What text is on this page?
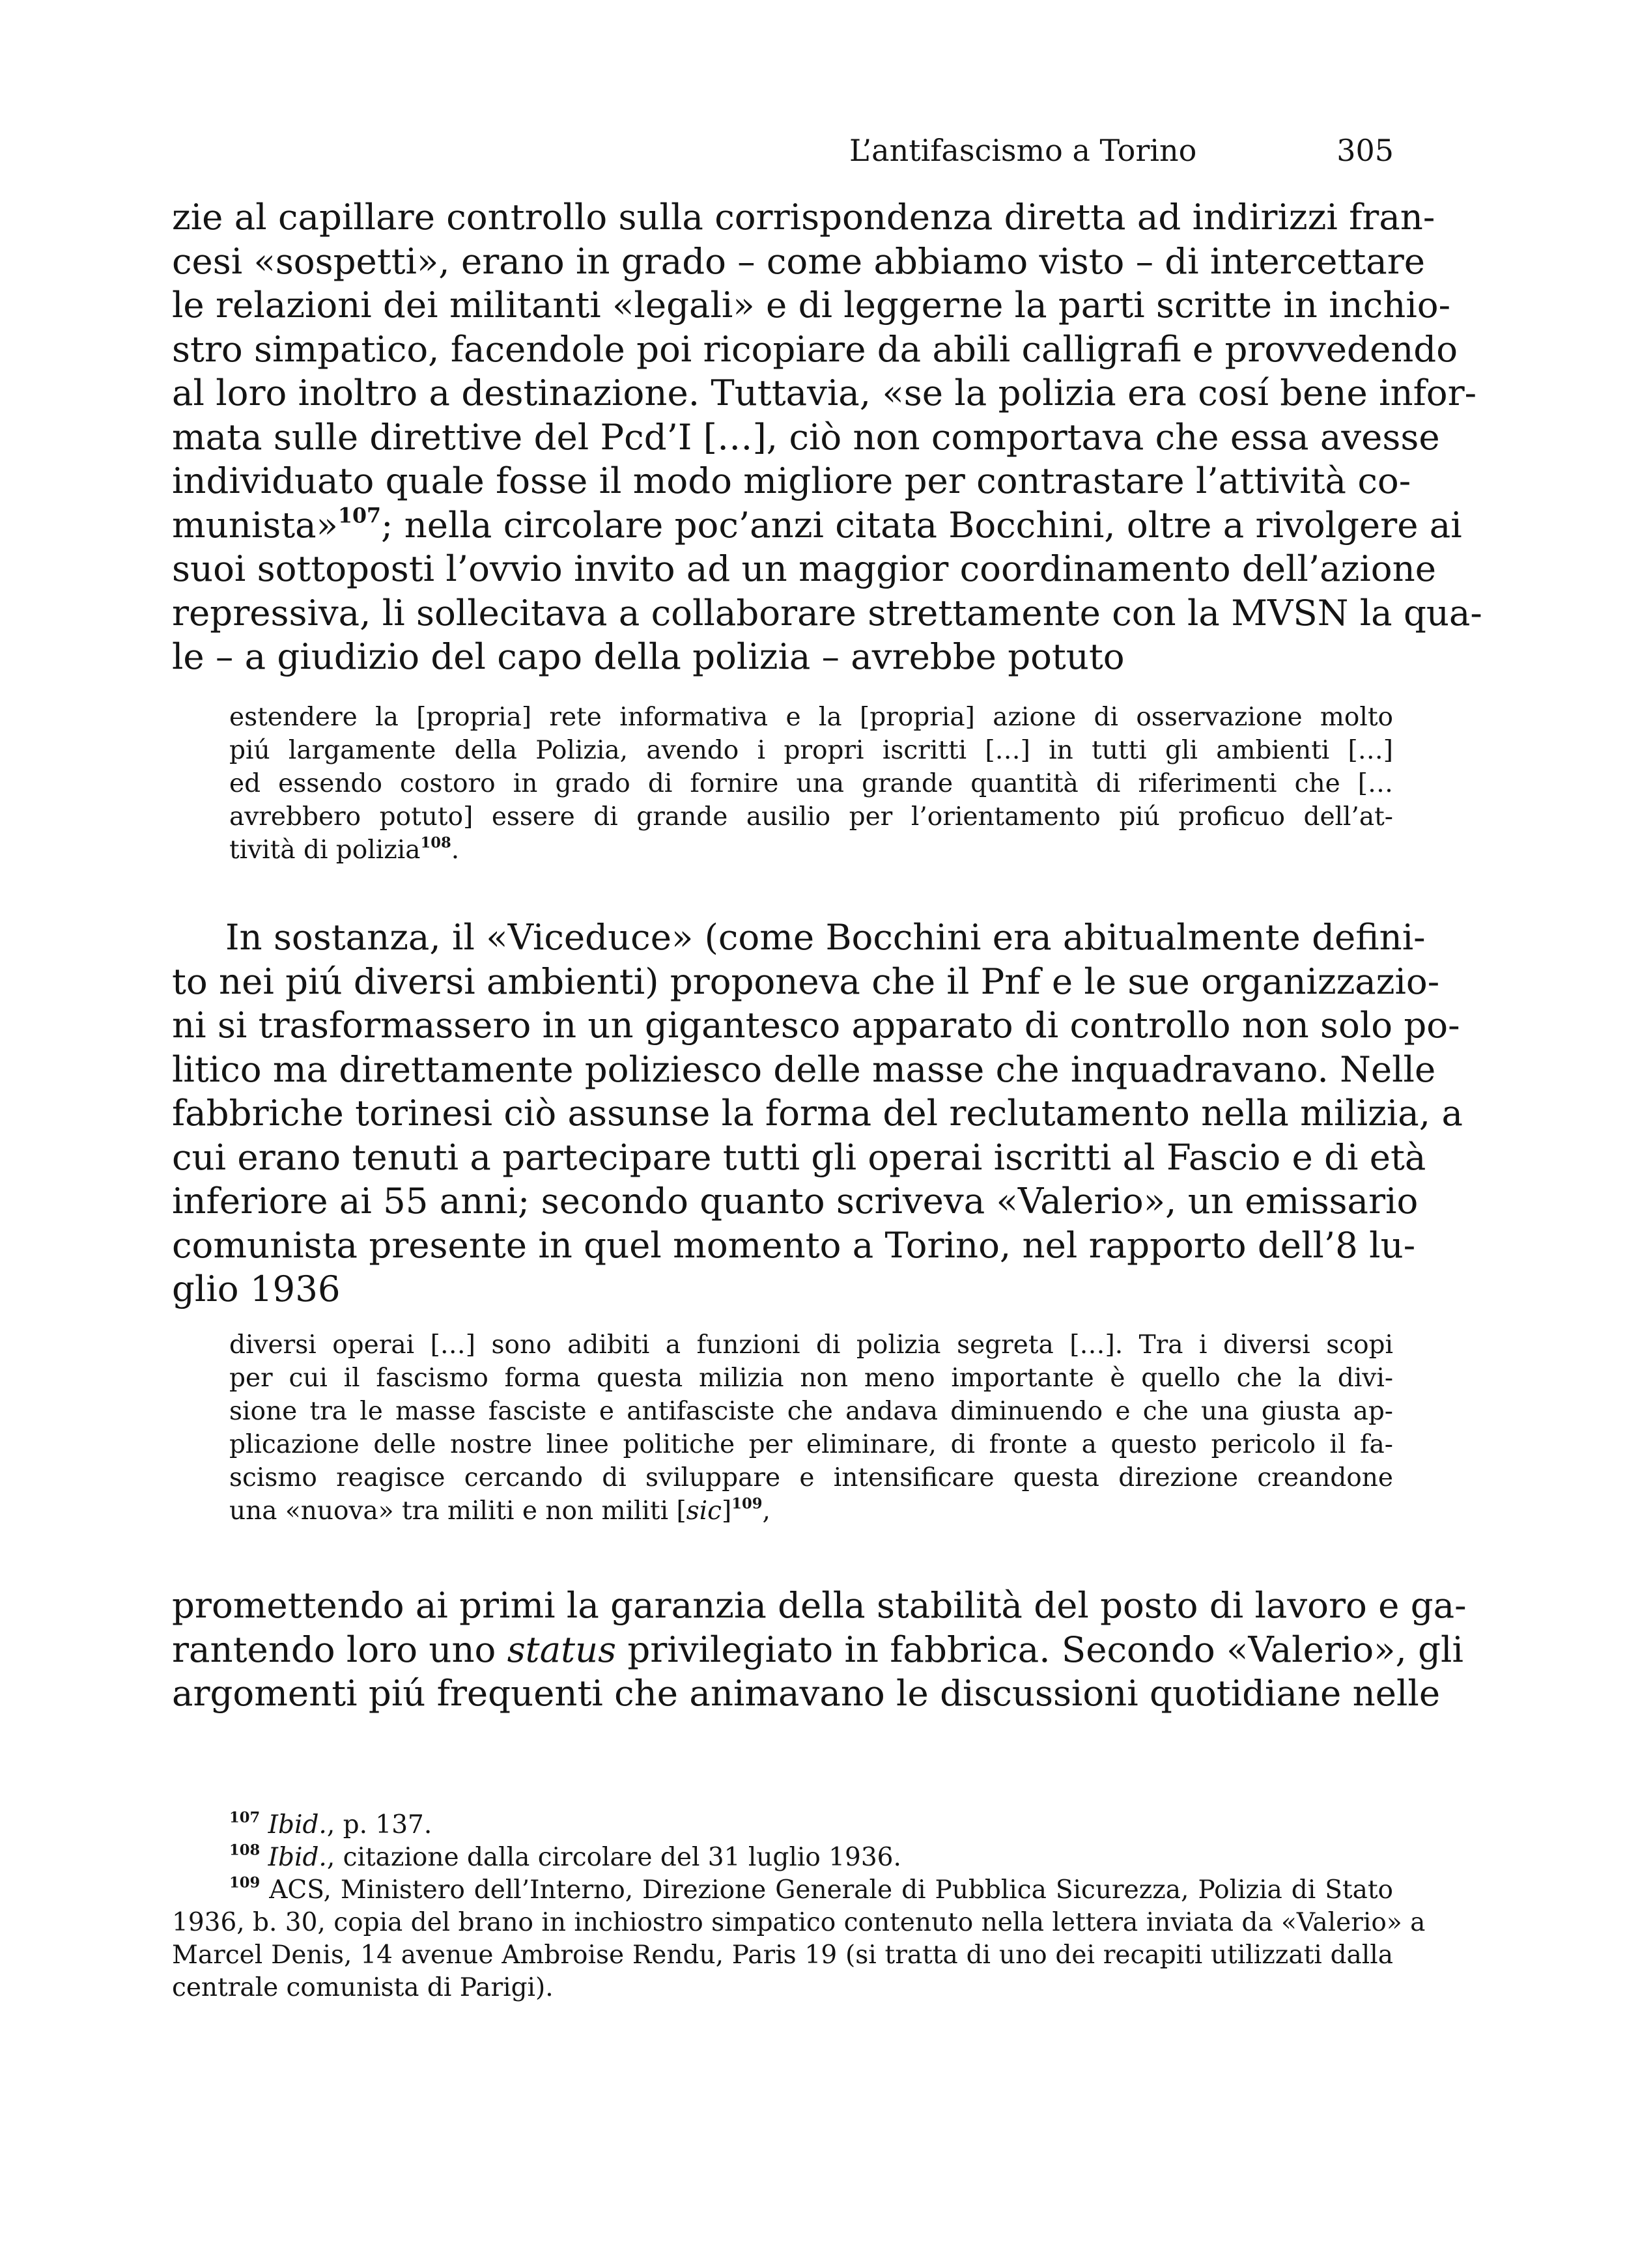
L’antifascismo a Torino	305
zie al capillare controllo sulla corrispondenza diretta ad indirizzi fran-
cesi «sospetti», erano in grado – come abbiamo visto – di intercettare
le relazioni dei militanti «legali» e di leggerne la parti scritte in inchio-
stro simpatico, facendole poi ricopiare da abili calligrafi e provvedendo
al loro inoltro a destinazione. Tuttavia, «se la polizia era cosí bene infor-
mata sulle direttive del Pcd’I […], ciò non comportava che essa avesse
individuato quale fosse il modo migliore per contrastare l’attività co-
munista»$^{107}$; nella circolare poc’anzi citata Bocchini, oltre a rivolgere ai
suoi sottoposti l’ovvio invito ad un maggior coordinamento dell’azione
repressiva, li sollecitava a collaborare strettamente con la MVSN la qua-
le – a giudizio del capo della polizia – avrebbe potuto
estendere la [propria] rete informativa e la [propria] azione di osservazione molto
piú largamente della Polizia, avendo i propri iscritti […] in tutti gli ambienti […]
ed essendo costoro in grado di fornire una grande quantità di riferimenti che […
avrebbero potuto] essere di grande ausilio per l’orientamento piú proficuo dell’at-
tività di polizia$^{108}$.
In sostanza, il «Viceduce» (come Bocchini era abitualmente defini-
to nei piú diversi ambienti) proponeva che il Pnf e le sue organizzazio-
ni si trasformassero in un gigantesco apparato di controllo non solo po-
litico ma direttamente poliziesco delle masse che inquadravano. Nelle
fabbriche torinesi ciò assunse la forma del reclutamento nella milizia, a
cui erano tenuti a partecipare tutti gli operai iscritti al Fascio e di età
inferiore ai 55 anni; secondo quanto scriveva «Valerio», un emissario
comunista presente in quel momento a Torino, nel rapporto dell’8 lu-
glio 1936
diversi operai […] sono adibiti a funzioni di polizia segreta […]. Tra i diversi scopi
per cui il fascismo forma questa milizia non meno importante è quello che la divi-
sione tra le masse fasciste e antifasciste che andava diminuendo e che una giusta ap-
plicazione delle nostre linee politiche per eliminare, di fronte a questo pericolo il fa-
scismo reagisce cercando di sviluppare e intensificare questa direzione creandone
una «nuova» tra militi e non militi [sic]$^{109}$,
promettendo ai primi la garanzia della stabilità del posto di lavoro e ga-
rantendo loro uno status privilegiato in fabbrica. Secondo «Valerio», gli
argomenti piú frequenti che animavano le discussioni quotidiane nelle
$^{107}$ Ibid., p. 137.
$^{108}$ Ibid., citazione dalla circolare del 31 luglio 1936.
$^{109}$ ACS, Ministero dell’Interno, Direzione Generale di Pubblica Sicurezza, Polizia di Stato
1936, b. 30, copia del brano in inchiostro simpatico contenuto nella lettera inviata da «Valerio» a
Marcel Denis, 14 avenue Ambroise Rendu, Paris 19 (si tratta di uno dei recapiti utilizzati dalla
centrale comunista di Parigi).
